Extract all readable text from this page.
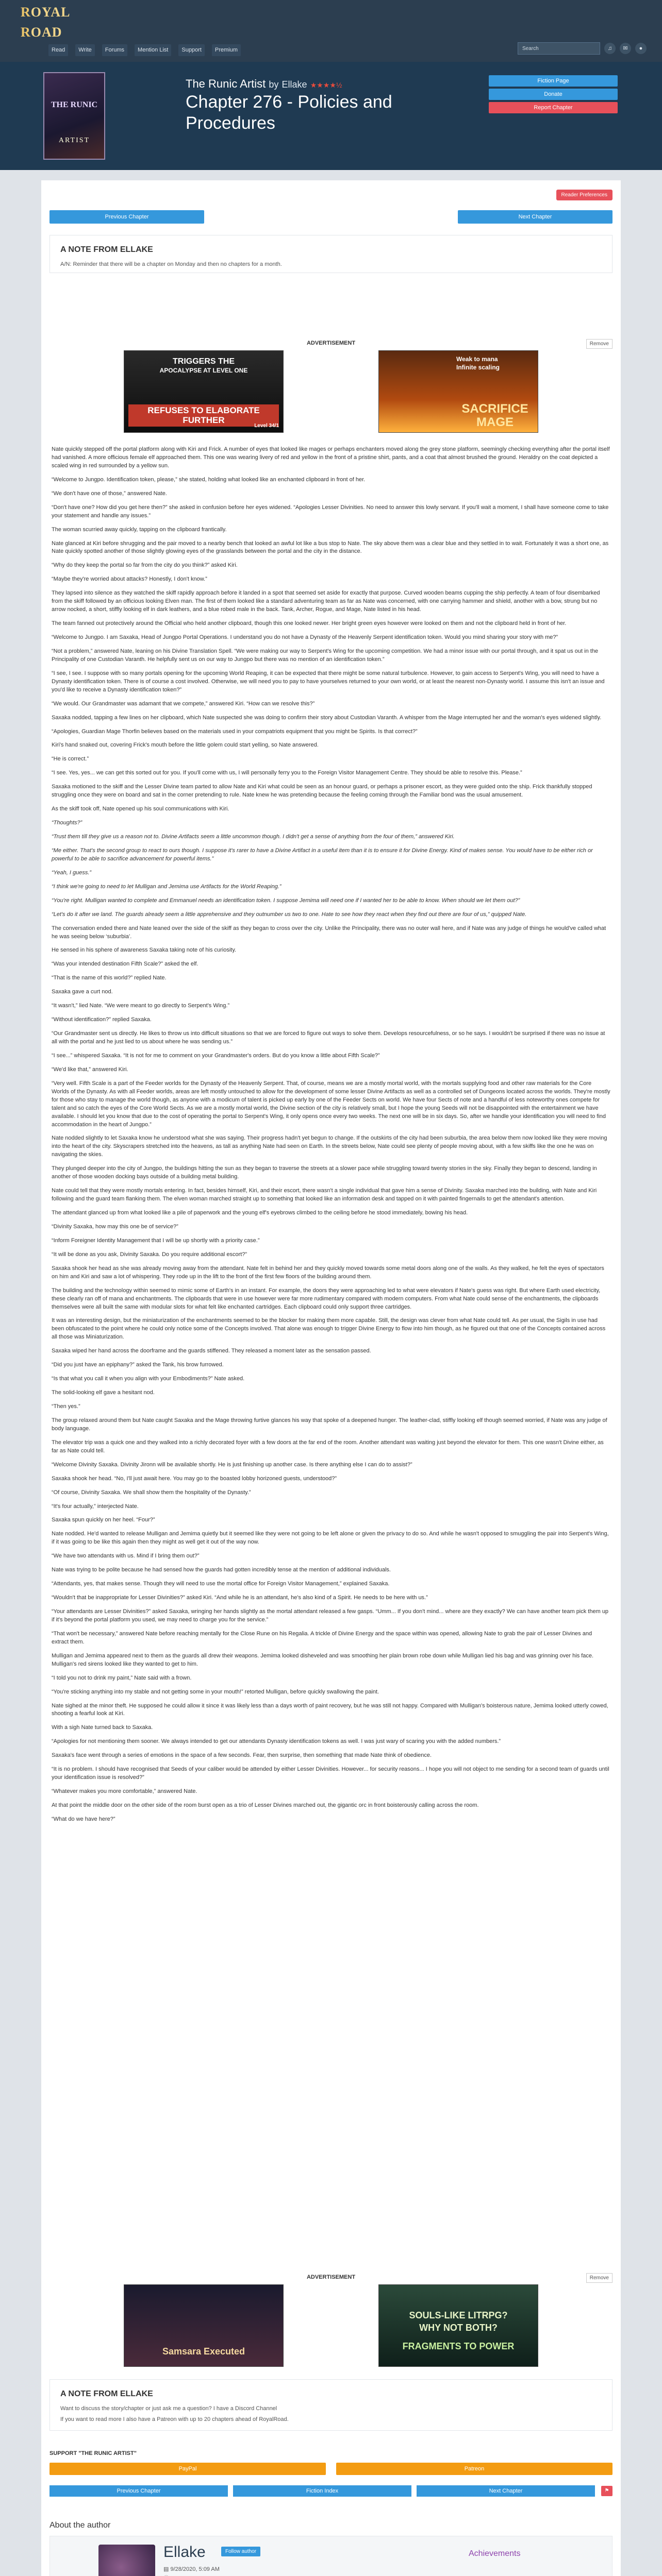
ROYAL ROAD
Read	Write	Forums	Mention List	Support	Premium	Search	♫	✉	●
THE RUNIC
ARTIST
The Runic Artist by Ellake ★★★★½
Chapter 276 - Policies and Procedures
Fiction Page
Donate
Report Chapter
Reader Preferences
Previous Chapter	Next Chapter
A NOTE FROM ELLAKE

A/N: Reminder that there will be a chapter on Monday and then no chapters for a month.

ADVERTISEMENT	Remove
TRIGGERS THE
APOCALYPSE AT LEVEL ONE
REFUSES TO ELABORATE FURTHER
Level 34/1
Weak to mana
Infinite scaling
SACRIFICE
MAGE

Nate quickly stepped off the portal platform along with Kiri and Frick. A number of eyes that looked like mages or perhaps enchanters moved along the grey stone platform, seemingly checking everything after the portal itself had vanished. A more officious female elf approached them. This one was wearing livery of red and yellow in the front of a pristine shirt, pants, and a coat that almost brushed the ground. Heraldry on the coat depicted a scaled wing in red surrounded by a yellow sun.

“Welcome to Jungpo. Identification token, please,” she stated, holding what looked like an enchanted clipboard in front of her.

“We don't have one of those,” answered Nate.

“Don't have one? How did you get here then?” she asked in confusion before her eyes widened. “Apologies Lesser Divinities. No need to answer this lowly servant. If you'll wait a moment, I shall have someone come to take your statement and handle any issues.”

The woman scurried away quickly, tapping on the clipboard frantically.

Nate glanced at Kiri before shrugging and the pair moved to a nearby bench that looked an awful lot like a bus stop to Nate. The sky above them was a clear blue and they settled in to wait. Fortunately it was a short one, as Nate quickly spotted another of those slightly glowing eyes of the grasslands between the portal and the city in the distance.

“Why do they keep the portal so far from the city do you think?” asked Kiri.

“Maybe they're worried about attacks? Honestly, I don't know.”

They lapsed into silence as they watched the skiff rapidly approach before it landed in a spot that seemed set aside for exactly that purpose. Curved wooden beams cupping the ship perfectly. A team of four disembarked from the skiff followed by an officious looking Elven man. The first of them looked like a standard adventuring team as far as Nate was concerned, with one carrying hammer and shield, another with a bow, strung but no arrow nocked, a short, stiffly looking elf in dark leathers, and a blue robed male in the back. Tank, Archer, Rogue, and Mage, Nate listed in his head.

The team fanned out protectively around the Official who held another clipboard, though this one looked newer. Her bright green eyes however were looked on them and not the clipboard held in front of her.

“Welcome to Jungpo. I am Saxaka, Head of Jungpo Portal Operations. I understand you do not have a Dynasty of the Heavenly Serpent identification token. Would you mind sharing your story with me?”

“Not a problem,” answered Nate, leaning on his Divine Translation Spell. “We were making our way to Serpent's Wing for the upcoming competition. We had a minor issue with our portal through, and it spat us out in the Principality of one Custodian Varanth. He helpfully sent us on our way to Jungpo but there was no mention of an identification token.”

“I see, I see. I suppose with so many portals opening for the upcoming World Reaping, it can be expected that there might be some natural turbulence. However, to gain access to Serpent's Wing, you will need to have a Dynasty identification token. There is of course a cost involved. Otherwise, we will need you to pay to have yourselves returned to your own world, or at least the nearest non-Dynasty world. I assume this isn't an issue and you'd like to receive a Dynasty identification token?”

“We would. Our Grandmaster was adamant that we compete,” answered Kiri. “How can we resolve this?”

Saxaka nodded, tapping a few lines on her clipboard, which Nate suspected she was doing to confirm their story about Custodian Varanth. A whisper from the Mage interrupted her and the woman's eyes widened slightly.

“Apologies, Guardian Mage Thorfin believes based on the materials used in your compatriots equipment that you might be Spirits. Is that correct?”

Kiri's hand snaked out, covering Frick's mouth before the little golem could start yelling, so Nate answered.

“He is correct.”

“I see. Yes, yes... we can get this sorted out for you. If you'll come with us, I will personally ferry you to the Foreign Visitor Management Centre. They should be able to resolve this. Please.”

Saxaka motioned to the skiff and the Lesser Divine team parted to allow Nate and Kiri what could be seen as an honour guard, or perhaps a prisoner escort, as they were guided onto the ship. Frick thankfully stopped struggling once they were on board and sat in the corner pretending to rule. Nate knew he was pretending because the feeling coming through the Familiar bond was the usual amusement.

As the skiff took off, Nate opened up his soul communications with Kiri.

“Thoughts?”

“Trust them till they give us a reason not to. Divine Artifacts seem a little uncommon though. I didn't get a sense of anything from the four of them,” answered Kiri.

“Me either. That's the second group to react to ours though. I suppose it's rarer to have a Divine Artifact in a useful item than it is to ensure it for Divine Energy. Kind of makes sense. You would have to be either rich or powerful to be able to sacrifice advancement for powerful items.”

“Yeah, I guess.”

“I think we're going to need to let Mulligan and Jemima use Artifacts for the World Reaping.”

“You're right. Mulligan wanted to complete and Emmanuel needs an identification token. I suppose Jemima will need one if I wanted her to be able to know. When should we let them out?”

“Let's do it after we land. The guards already seem a little apprehensive and they outnumber us two to one. Hate to see how they react when they find out there are four of us,” quipped Nate.

The conversation ended there and Nate leaned over the side of the skiff as they began to cross over the city. Unlike the Principality, there was no outer wall here, and if Nate was any judge of things he would've called what he was seeing below ‘suburbia’.

He sensed in his sphere of awareness Saxaka taking note of his curiosity.

“Was your intended destination Fifth Scale?” asked the elf.

“That is the name of this world?” replied Nate.

Saxaka gave a curt nod.

“It wasn't,” lied Nate. “We were meant to go directly to Serpent's Wing.”

“Without identification?” replied Saxaka.

“Our Grandmaster sent us directly. He likes to throw us into difficult situations so that we are forced to figure out ways to solve them. Develops resourcefulness, or so he says. I wouldn't be surprised if there was no issue at all with the portal and he just lied to us about where he was sending us.”

“I see...” whispered Saxaka. “It is not for me to comment on your Grandmaster's orders. But do you know a little about Fifth Scale?”

“We'd like that,” answered Kiri.

“Very well. Fifth Scale is a part of the Feeder worlds for the Dynasty of the Heavenly Serpent. That, of course, means we are a mostly mortal world, with the mortals supplying food and other raw materials for the Core Worlds of the Dynasty. As with all Feeder worlds, areas are left mostly untouched to allow for the development of some lesser Divine Artifacts as well as a controlled set of Dungeons located across the worlds. They're mostly for those who stay to manage the world though, as anyone with a modicum of talent is picked up early by one of the Feeder Sects on world. We have four Sects of note and a handful of less noteworthy ones compete for talent and so catch the eyes of the Core World Sects. As we are a mostly mortal world, the Divine section of the city is relatively small, but I hope the young Seeds will not be disappointed with the entertainment we have available. I should let you know that due to the cost of operating the portal to Serpent's Wing, it only opens once every two weeks. The next one will be in six days. So, after we handle your identification you will need to find accommodation in the heart of Jungpo.”

Nate nodded slightly to let Saxaka know he understood what she was saying. Their progress hadn't yet begun to change. If the outskirts of the city had been suburbia, the area below them now looked like they were moving into the heart of the city. Skyscrapers stretched into the heavens, as tall as anything Nate had seen on Earth. In the streets below, Nate could see plenty of people moving about, with a few skiffs like the one he was on navigating the skies.

They plunged deeper into the city of Jungpo, the buildings hitting the sun as they began to traverse the streets at a slower pace while struggling toward twenty stories in the sky. Finally they began to descend, landing in another of those wooden docking bays outside of a building metal building.

Nate could tell that they were mostly mortals entering. In fact, besides himself, Kiri, and their escort, there wasn't a single individual that gave him a sense of Divinity. Saxaka marched into the building, with Nate and Kiri following and the guard team flanking them. The elven woman marched straight up to something that looked like an information desk and tapped on it with painted fingernails to get the attendant's attention.

The attendant glanced up from what looked like a pile of paperwork and the young elf's eyebrows climbed to the ceiling before he stood immediately, bowing his head.

“Divinity Saxaka, how may this one be of service?”

“Inform Foreigner Identity Management that I will be up shortly with a priority case.”

“It will be done as you ask, Divinity Saxaka. Do you require additional escort?”

Saxaka shook her head as she was already moving away from the attendant. Nate felt in behind her and they quickly moved towards some metal doors along one of the walls. As they walked, he felt the eyes of spectators on him and Kiri and saw a lot of whispering. They rode up in the lift to the front of the first few floors of the building around them.

The building and the technology within seemed to mimic some of Earth's in an instant. For example, the doors they were approaching led to what were elevators if Nate's guess was right. But where Earth used electricity, these clearly ran off of mana and enchantments. The clipboards that were in use however were far more rudimentary compared with modern computers. From what Nate could sense of the enchantments, the clipboards themselves were all built the same with modular slots for what felt like enchanted cartridges. Each clipboard could only support three cartridges.

It was an interesting design, but the miniaturization of the enchantments seemed to be the blocker for making them more capable. Still, the design was clever from what Nate could tell. As per usual, the Sigils in use had been obfuscated to the point where he could only notice some of the Concepts involved. That alone was enough to trigger Divine Energy to flow into him though, as he figured out that one of the Concepts contained across all those was Miniaturization.

Saxaka wiped her hand across the doorframe and the guards stiffened. They released a moment later as the sensation passed.

“Did you just have an epiphany?” asked the Tank, his brow furrowed.

“Is that what you call it when you align with your Embodiments?” Nate asked.

The solid-looking elf gave a hesitant nod.

“Then yes.”

The group relaxed around them but Nate caught Saxaka and the Mage throwing furtive glances his way that spoke of a deepened hunger. The leather-clad, stiffly looking elf though seemed worried, if Nate was any judge of body language.

The elevator trip was a quick one and they walked into a richly decorated foyer with a few doors at the far end of the room. Another attendant was waiting just beyond the elevator for them. This one wasn't Divine either, as far as Nate could tell.

“Welcome Divinity Saxaka. Divinity Jironn will be available shortly. He is just finishing up another case. Is there anything else I can do to assist?”

Saxaka shook her head. “No, I'll just await here. You may go to the boasted lobby horizoned guests, understood?”

“Of course, Divinity Saxaka. We shall show them the hospitality of the Dynasty.”

“It's four actually,” interjected Nate.

Saxaka spun quickly on her heel. “Four?”

Nate nodded. He'd wanted to release Mulligan and Jemima quietly but it seemed like they were not going to be left alone or given the privacy to do so. And while he wasn't opposed to smuggling the pair into Serpent's Wing, if it was going to be like this again then they might as well get it out of the way now.

“We have two attendants with us. Mind if I bring them out?”

Nate was trying to be polite because he had sensed how the guards had gotten incredibly tense at the mention of additional individuals.

“Attendants, yes, that makes sense. Though they will need to use the mortal office for Foreign Visitor Management,” explained Saxaka.

“Wouldn't that be inappropriate for Lesser Divinities?” asked Kiri. “And while he is an attendant, he's also kind of a Spirit. He needs to be here with us.”

“Your attendants are Lesser Divinities?” asked Saxaka, wringing her hands slightly as the mortal attendant released a few gasps. “Umm... If you don't mind... where are they exactly? We can have another team pick them up if it's beyond the portal platform you used, we may need to charge you for the service.”

“That won't be necessary,” answered Nate before reaching mentally for the Close Rune on his Regalia. A trickle of Divine Energy and the space within was opened, allowing Nate to grab the pair of Lesser Divines and extract them.

Mulligan and Jemima appeared next to them as the guards all drew their weapons. Jemima looked disheveled and was smoothing her plain brown robe down while Mulligan lied his bag and was grinning over his face. Mulligan's red sirens looked like they wanted to get to him.

“I told you not to drink my paint,” Nate said with a frown.

“You're sticking anything into my stable and not getting some in your mouth!” retorted Mulligan, before quickly swallowing the paint.

Nate sighed at the minor theft. He supposed he could allow it since it was likely less than a days worth of paint recovery, but he was still not happy. Compared with Mulligan's boisterous nature, Jemima looked utterly cowed, shooting a fearful look at Kiri.

With a sigh Nate turned back to Saxaka.

“Apologies for not mentioning them sooner. We always intended to get our attendants Dynasty identification tokens as well. I was just wary of scaring you with the added numbers.”

Saxaka's face went through a series of emotions in the space of a few seconds. Fear, then surprise, then something that made Nate think of obedience.

“It is no problem. I should have recognised that Seeds of your caliber would be attended by either Lesser Divinities. However... for security reasons... I hope you will not object to me sending for a second team of guards until your identification issue is resolved?”

“Whatever makes you more comfortable,” answered Nate.

At that point the middle door on the other side of the room burst open as a trio of Lesser Divines marched out, the gigantic orc in front boisterously calling across the room.

“What do we have here?”

ADVERTISEMENT	Remove
Samsara Executed
SOULS-LIKE LITRPG?
WHY NOT BOTH?
FRAGMENTS TO POWER
A NOTE FROM ELLAKE

Want to discuss the story/chapter or just ask me a question? I have a Discord Channel

If you want to read more I also have a Patreon with up to 20 chapters ahead of RoyalRoad.

SUPPORT "THE RUNIC ARTIST"
PayPal	Patreon
Previous Chapter	Fiction Index	Next Chapter	⚑
About the author
Ellake	Follow author
▤ 9/28/2020, 5:09 AM
Achievements
